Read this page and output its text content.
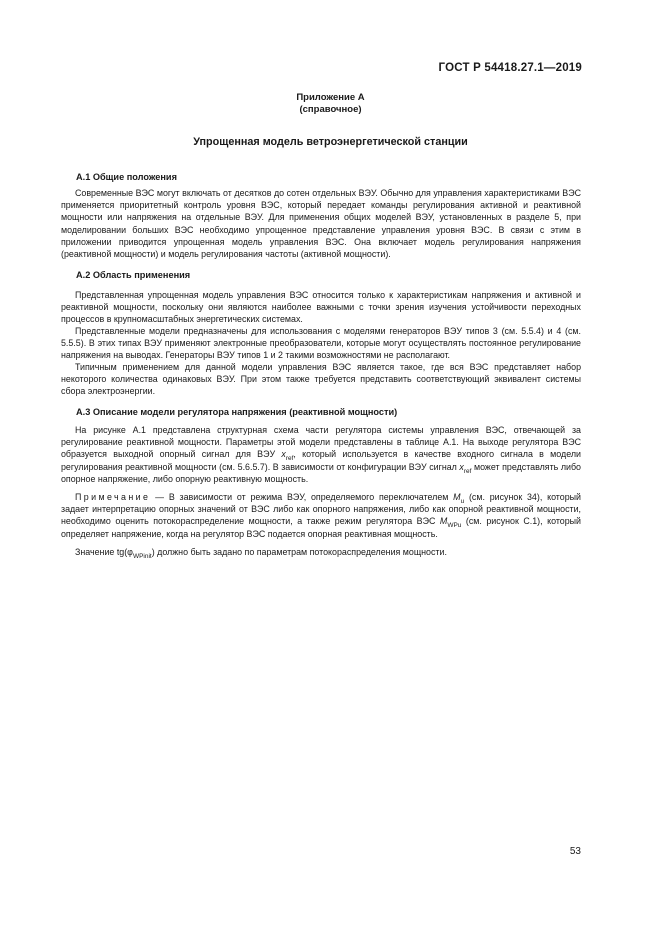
ГОСТ Р 54418.27.1—2019
Приложение А
(справочное)
Упрощенная модель ветроэнергетической станции
А.1 Общие положения
Современные ВЭС могут включать от десятков до сотен отдельных ВЭУ. Обычно для управления характеристиками ВЭС применяется приоритетный контроль уровня ВЭС, который передает команды регулирования активной и реактивной мощности или напряжения на отдельные ВЭУ. Для применения общих моделей ВЭУ, установленных в разделе 5, при моделировании больших ВЭС необходимо упрощенное представление управления уровня ВЭС. В связи с этим в приложении приводится упрощенная модель управления ВЭС. Она включает модель регулирования напряжения (реактивной мощности) и модель регулирования частоты (активной мощности).
А.2 Область применения
Представленная упрощенная модель управления ВЭС относится только к характеристикам напряжения и активной и реактивной мощности, поскольку они являются наиболее важными с точки зрения изучения устойчивости переходных процессов в крупномасштабных энергетических системах.
Представленные модели предназначены для использования с моделями генераторов ВЭУ типов 3 (см. 5.5.4) и 4 (см. 5.5.5). В этих типах ВЭУ применяют электронные преобразователи, которые могут осуществлять постоянное регулирование напряжения на выводах. Генераторы ВЭУ типов 1 и 2 такими возможностями не располагают.
Типичным применением для данной модели управления ВЭС является такое, где вся ВЭС представляет набор некоторого количества одинаковых ВЭУ. При этом также требуется представить соответствующий эквивалент системы сбора электроэнергии.
А.3 Описание модели регулятора напряжения (реактивной мощности)
На рисунке А.1 представлена структурная схема части регулятора системы управления ВЭС, отвечающей за регулирование реактивной мощности. Параметры этой модели представлены в таблице А.1. На выходе регулятора ВЭС образуется выходной опорный сигнал для ВЭУ $x_{ref}$, который используется в качестве входного сигнала в модели регулирования реактивной мощности (см. 5.6.5.7). В зависимости от конфигурации ВЭУ сигнал $x_{ref}$ может представлять либо опорное напряжение, либо опорную реактивную мощность.
Примечание — В зависимости от режима ВЭУ, определяемого переключателем $M_u$ (см. рисунок 34), который задает интерпретацию опорных значений от ВЭС либо как опорного напряжения, либо как опорной реактивной мощности, необходимо оценить потокораспределение мощности, а также режим регулятора ВЭС $M_{WPu}$ (см. рисунок С.1), который определяет напряжение, когда на регулятор ВЭС подается опорная реактивная мощность.
Значение $tg(\varphi_{WPinit})$ должно быть задано по параметрам потокораспределения мощности.
53
